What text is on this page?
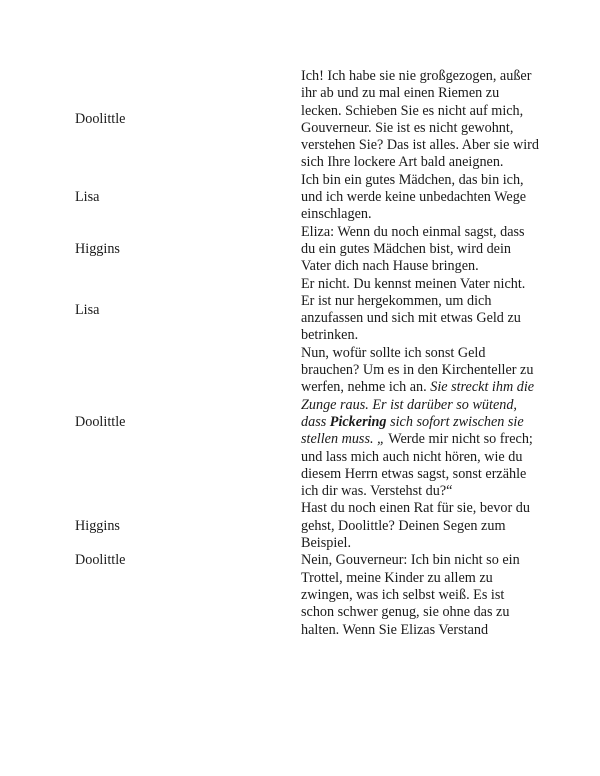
Doolittle	Ich! Ich habe sie nie großgezogen, außer ihr ab und zu mal einen Riemen zu lecken. Schieben Sie es nicht auf mich, Gouverneur. Sie ist es nicht gewohnt, verstehen Sie? Das ist alles. Aber sie wird sich Ihre lockere Art bald aneignen.
Lisa	Ich bin ein gutes Mädchen, das bin ich, und ich werde keine unbedachten Wege einschlagen.
Higgins	Eliza: Wenn du noch einmal sagst, dass du ein gutes Mädchen bist, wird dein Vater dich nach Hause bringen.
Lisa	Er nicht. Du kennst meinen Vater nicht. Er ist nur hergekommen, um dich anzufassen und sich mit etwas Geld zu betrinken.
Doolittle	Nun, wofür sollte ich sonst Geld brauchen? Um es in den Kirchenteller zu werfen, nehme ich an. Sie streckt ihm die Zunge raus. Er ist darüber so wütend, dass Pickering sich sofort zwischen sie stellen muss. „ Werde mir nicht so frech; und lass mich auch nicht hören, wie du diesem Herrn etwas sagst, sonst erzähle ich dir was. Verstehst du?“
Higgins	Hast du noch einen Rat für sie, bevor du gehst, Doolittle? Deinen Segen zum Beispiel.
Doolittle	Nein, Gouverneur: Ich bin nicht so ein Trottel, meine Kinder zu allem zu zwingen, was ich selbst weiß. Es ist schon schwer genug, sie ohne das zu halten. Wenn Sie Elizas Verstand
